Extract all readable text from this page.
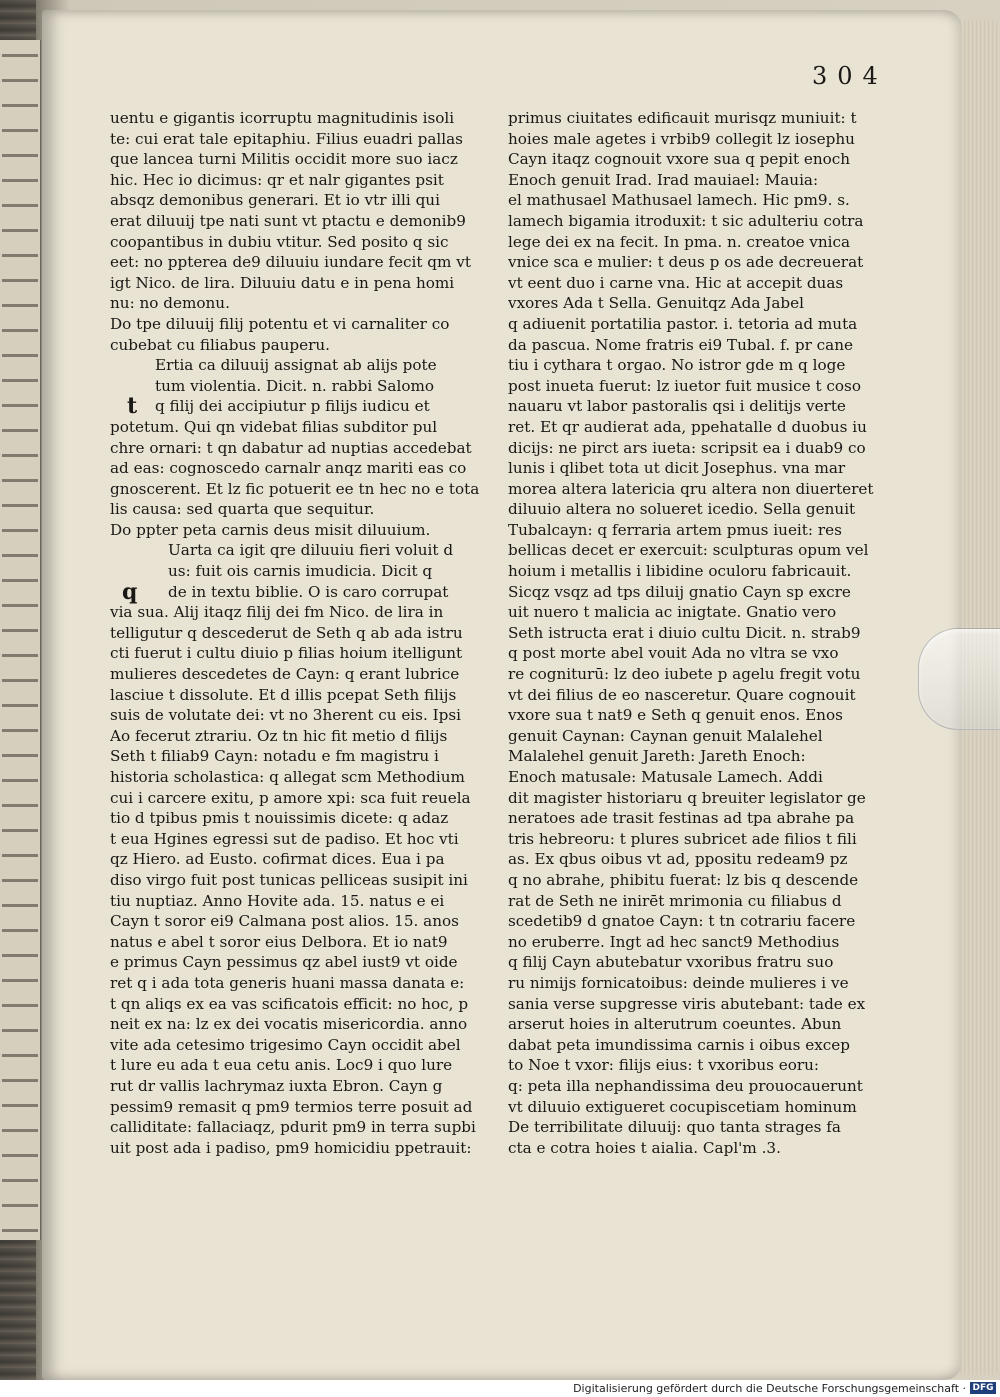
304
uentu e gigantis icorruptu magnitudinis isoli
te: cui erat tale epitaphiu. Filius euadri pallas
que lancea turni Militis occidit more suo iacz
hic. Hec io dicimus: qr et nalr gigantes psit
absqz demonibus generari. Et io vtr illi qui
erat diluuij tpe nati sunt vt ptactu e demonib9
coopantibus in dubiu vtitur. Sed posito q sic
eet: no ppterea de9 diluuiu iundare fecit qm vt
igt Nico. de lira. Diluuiu datu e in pena homi
nu: no demonu.
Dо tpe diluuij filij potentu et vi carnaliter co
cubebat cu filiabus pauperu.
Ertia ca diluuij assignat ab alijs pote
tum violentia. Dicit. n. rabbi Salomo
q filij dei accipiutur p filijs iudicu et
potetum. Qui qn videbat filias subditor pul
chre ornari: t qn dabatur ad nuptias accedebat
ad eas: cognoscedo carnalr anqz mariti eas co
gnoscerent. Et lz fic potuerit ee tn hec no e tota
lis causa: sed quarta que sequitur.
Dо ppter peta carnis deus misit diluuium.
Uarta ca igit qre diluuiu fieri voluit d
us: fuit ois carnis imudicia. Dicit q
de in textu biblie. O is caro corrupat
via sua. Alij itaqz filij dei fm Nico. de lira in
telligutur q descederut de Seth q ab ada istru
cti fuerut i cultu diuio p filias hoium itelligunt
mulieres descedetes de Cayn: q erant lubrice
lasciue t dissolute. Et d illis pcepat Seth filijs
suis de volutate dei: vt no 3herent cu eis. Ipsi
Ao fecerut ztrariu. Oz tn hic fit metio d filijs
Seth t filiab9 Cayn: notadu e fm magistru i
historia scholastica: q allegat scm Methodium
cui i carcere exitu, p amore xpi: sca fuit reuela
tio d tpibus pmis t nouissimis dicete: q adaz
t eua Hgines egressi sut de padiso. Et hoc vti
qz Hiero. ad Eusto. cofirmat dices. Eua i pa
diso virgo fuit post tunicas pelliceas susipit ini
tiu nuptiaz. Anno Hovite ada. 15. natus e ei
Cayn t soror ei9 Calmana post alios. 15. anos
natus e abel t soror eius Delbora. Et io nat9
e primus Cayn pessimus qz abel iust9 vt oide
ret q i ada tota generis huani massa danata e:
t qn aliqs ex ea vas scificatois efficit: no hoc, p
neit ex na: lz ex dei vocatis misericordia. anno
vite ada cetesimo trigesimo Cayn occidit abel
t lure eu ada t eua cetu anis. Loc9 i quo lure
rut dr vallis lachrymaz iuxta Ebron. Cayn g
pessim9 remasit q pm9 termios terre posuit ad
calliditate: fallaciaqz, pdurit pm9 in terra supbi
uit post ada i padiso, pm9 homicidiu ppetrauit:
primus ciuitates edificauit murisqz muniuit: t
hoies male agetes i vrbib9 collegit lz iosephu
Cayn itaqz cognouit vxore sua q pepit enoch
Enoch genuit Irad. Irad mauiael: Mauia:
el mathusael Mathusael lamech. Hic pm9. s.
lamech bigamia itroduxit: t sic adulteriu cotra
lege dei ex na fecit. In pma. n. creatoe vnica
vnice sca e mulier: t deus p os ade decreuerat
vt eent duo i carne vna. Hic at accepit duas
vxores Ada t Sella. Genuitqz Ada Jabel
q adiuenit portatilia pastor. i. tetoria ad muta
da pascua. Nome fratris ei9 Tubal. f. pr cane
tiu i cythara t orgao. No istror gde m q loge
post inueta fuerut: lz iuetor fuit musice t coso
nauaru vt labor pastoralis qsi i delitijs verte
ret. Et qr audierat ada, ppehatalle d duobus iu
dicijs: ne pirct ars iueta: scripsit ea i duab9 co
lunis i qlibet tota ut dicit Josephus. vna mar
morea altera latericia qru altera non diuerteret
diluuio altera no solueret icedio. Sella genuit
Tubalcayn: q ferraria artem pmus iueit: res
bellicas decet er exercuit: sculpturas opum vel
hoium i metallis i libidine oculoru fabricauit.
Sicqz vsqz ad tps diluij gnatio Cayn sp excre
uit nuero t malicia ac inigtate. Gnatio vero
Seth istructa erat i diuio cultu Dicit. n. strab9
q post morte abel vouit Ada no vltra se vxo
re cogniturū: lz deo iubete p agelu fregit votu
vt dei filius de eo nasceretur. Quare cognouit
vxore sua t nat9 e Seth q genuit enos. Enos
genuit Caynan: Caynan genuit Malalehel
Malalehel genuit Jareth: Jareth Enoch:
Enoch matusale: Matusale Lamech. Addi
dit magister historiaru q breuiter legislator ge
neratoes ade trasit festinas ad tpa abrahe pa
tris hebreoru: t plures subricet ade filios t fili
as. Ex qbus oibus vt ad, ppositu redeam9 pz
q no abrahe, phibitu fuerat: lz bis q descende
rat de Seth ne inirēt mrimonia cu filiabus d
scedetib9 d gnatoe Cayn: t tn cotrariu facere
no eruberre. Ingt ad hec sanct9 Methodius
q filij Cayn abutebatur vxoribus fratru suo
ru nimijs fornicatoibus: deinde mulieres i ve
sania verse supgresse viris abutebant: tade ex
arserut hoies in alterutrum coeuntes. Abun
dabat peta imundissima carnis i oibus excep
to Noe t vxor: filijs eius: t vxoribus eoru:
q: peta illa nephandissima deu prouocauerunt
vt diluuio extigueret cocupiscetiam hominum
De terribilitate diluuij: quo tanta strages fa
cta e cotra hoies t aialia. Capl'm .3.
t
q
Digitalisierung gefördert durch die Deutsche Forschungsgemeinschaft · DFG
